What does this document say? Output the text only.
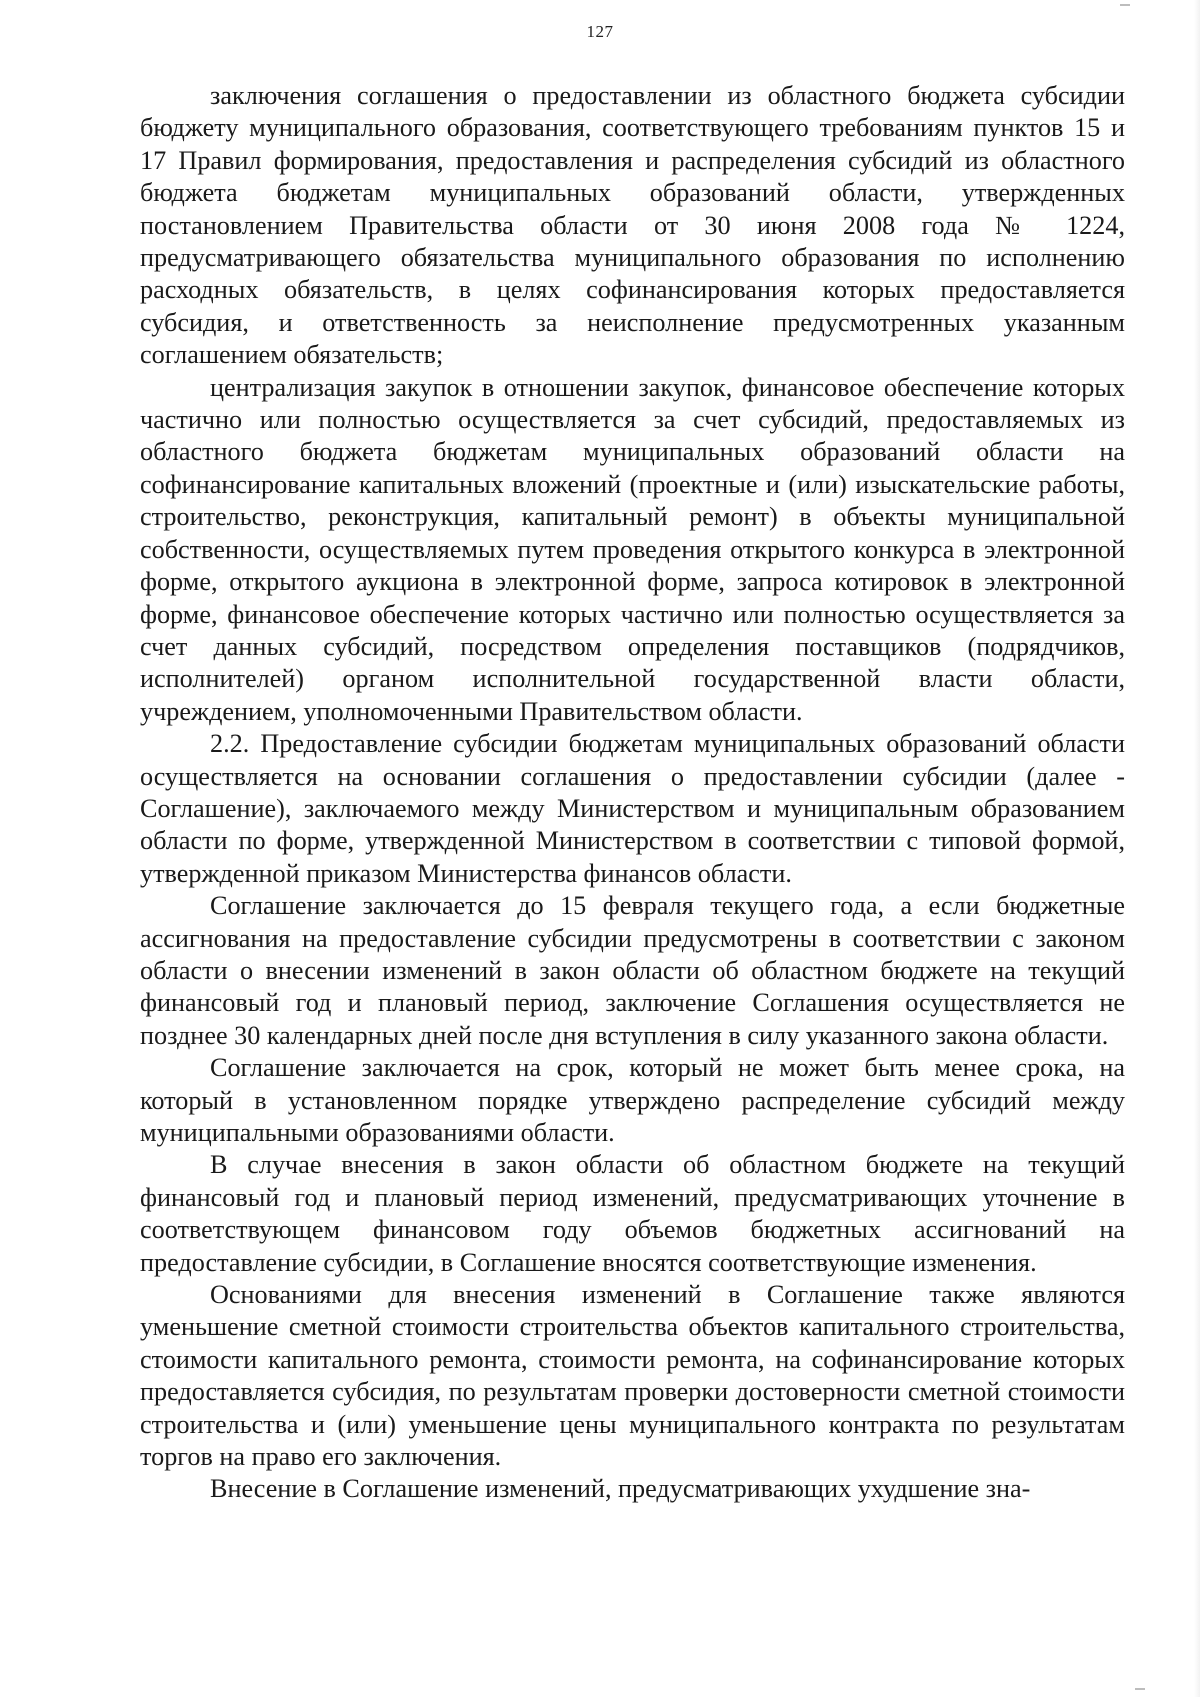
127

заключения соглашения о предоставлении из областного бюджета субсидии бюджету муниципального образования, соответствующего требованиям пунктов 15 и 17 Правил формирования, предоставления и распределения субсидий из областного бюджета бюджетам муниципальных образований области, утвержденных постановлением Правительства области от 30 июня 2008 года № 1224, предусматривающего обязательства муниципального образования по исполнению расходных обязательств, в целях софинансирования которых предоставляется субсидия, и ответственность за неисполнение предусмотренных указанным соглашением обязательств;

централизация закупок в отношении закупок, финансовое обеспечение которых частично или полностью осуществляется за счет субсидий, предоставляемых из областного бюджета бюджетам муниципальных образований области на софинансирование капитальных вложений (проектные и (или) изыскательские работы, строительство, реконструкция, капитальный ремонт) в объекты муниципальной собственности, осуществляемых путем проведения открытого конкурса в электронной форме, открытого аукциона в электронной форме, запроса котировок в электронной форме, финансовое обеспечение которых частично или полностью осуществляется за счет данных субсидий, посредством определения поставщиков (подрядчиков, исполнителей) органом исполнительной государственной власти области, учреждением, уполномоченными Правительством области.

2.2. Предоставление субсидии бюджетам муниципальных образований области осуществляется на основании соглашения о предоставлении субсидии (далее - Соглашение), заключаемого между Министерством и муниципальным образованием области по форме, утвержденной Министерством в соответствии с типовой формой, утвержденной приказом Министерства финансов области.

Соглашение заключается до 15 февраля текущего года, а если бюджетные ассигнования на предоставление субсидии предусмотрены в соответствии с законом области о внесении изменений в закон области об областном бюджете на текущий финансовый год и плановый период, заключение Соглашения осуществляется не позднее 30 календарных дней после дня вступления в силу указанного закона области.

Соглашение заключается на срок, который не может быть менее срока, на который в установленном порядке утверждено распределение субсидий между муниципальными образованиями области.

В случае внесения в закон области об областном бюджете на текущий финансовый год и плановый период изменений, предусматривающих уточнение в соответствующем финансовом году объемов бюджетных ассигнований на предоставление субсидии, в Соглашение вносятся соответствующие изменения.

Основаниями для внесения изменений в Соглашение также являются уменьшение сметной стоимости строительства объектов капитального строительства, стоимости капитального ремонта, стоимости ремонта, на софинансирование которых предоставляется субсидия, по результатам проверки достоверности сметной стоимости строительства и (или) уменьшение цены муниципального контракта по результатам торгов на право его заключения.

Внесение в Соглашение изменений, предусматривающих ухудшение зна-
